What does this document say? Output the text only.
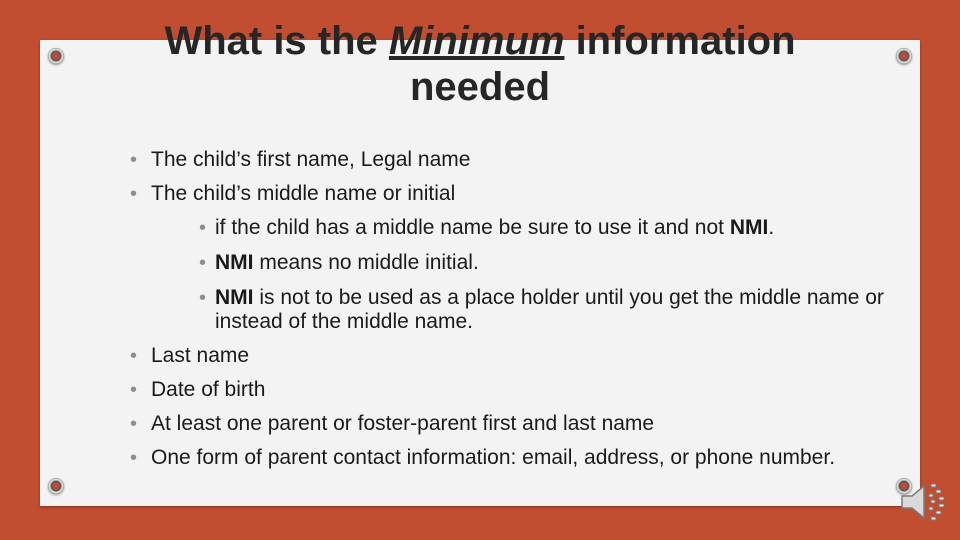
What is the Minimum information needed
• The child’s first name, Legal name
• The child’s middle name or initial
• if the child has a middle name be sure to use it and not NMI.
• NMI means no middle initial.
• NMI is not to be used as a place holder until you get the middle name or instead of the middle name.
• Last name
• Date of birth
• At least one parent or foster-parent first and last name
• One form of parent contact information: email, address, or phone number.
